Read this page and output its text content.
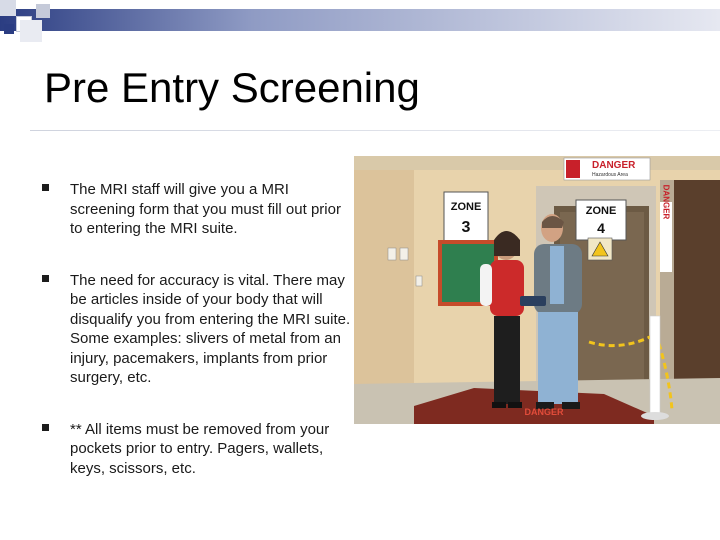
Pre Entry Screening

The MRI staff will give you a MRI screening form that you must fill out prior to entering the MRI suite.

The need for accuracy is vital. There may be articles inside of your body that will disqualify you from entering the MRI suite. Some examples: slivers of metal from an injury, pacemakers, implants from prior surgery, etc.

** All items must be removed from your pockets prior to entry. Pagers, wallets, keys, scissors, etc.

DANGER
Hazardous Area
ZONE
3
ZONE
4
DANGER
DANGER
